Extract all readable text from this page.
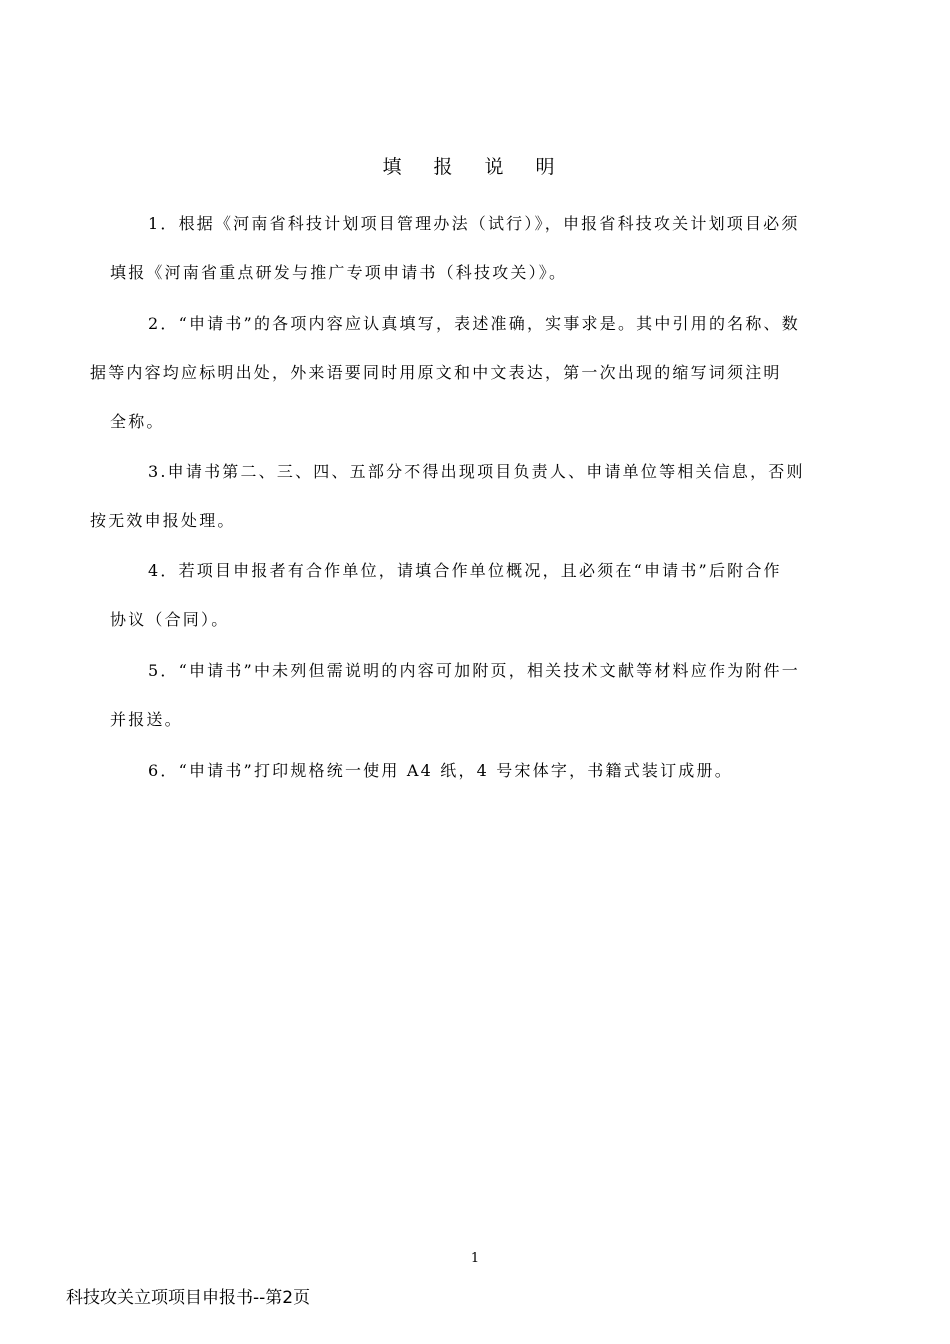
填 报 说 明

1．根据《河南省科技计划项目管理办法（试行）》，申报省科技攻关计划项目必须
填报《河南省重点研发与推广专项申请书（科技攻关）》。

2．“申请书”的各项内容应认真填写，表述准确，实事求是。其中引用的名称、数
据等内容均应标明出处，外来语要同时用原文和中文表达，第一次出现的缩写词须注明
全称。

3.申请书第二、三、四、五部分不得出现项目负责人、申请单位等相关信息，否则
按无效申报处理。

4．若项目申报者有合作单位，请填合作单位概况，且必须在“申请书”后附合作
协议（合同）。

5．“申请书”中未列但需说明的内容可加附页，相关技术文献等材料应作为附件一
并报送。

6．“申请书”打印规格统一使用 A4 纸，4 号宋体字，书籍式装订成册。

1
科技攻关立项项目申报书--第2页
